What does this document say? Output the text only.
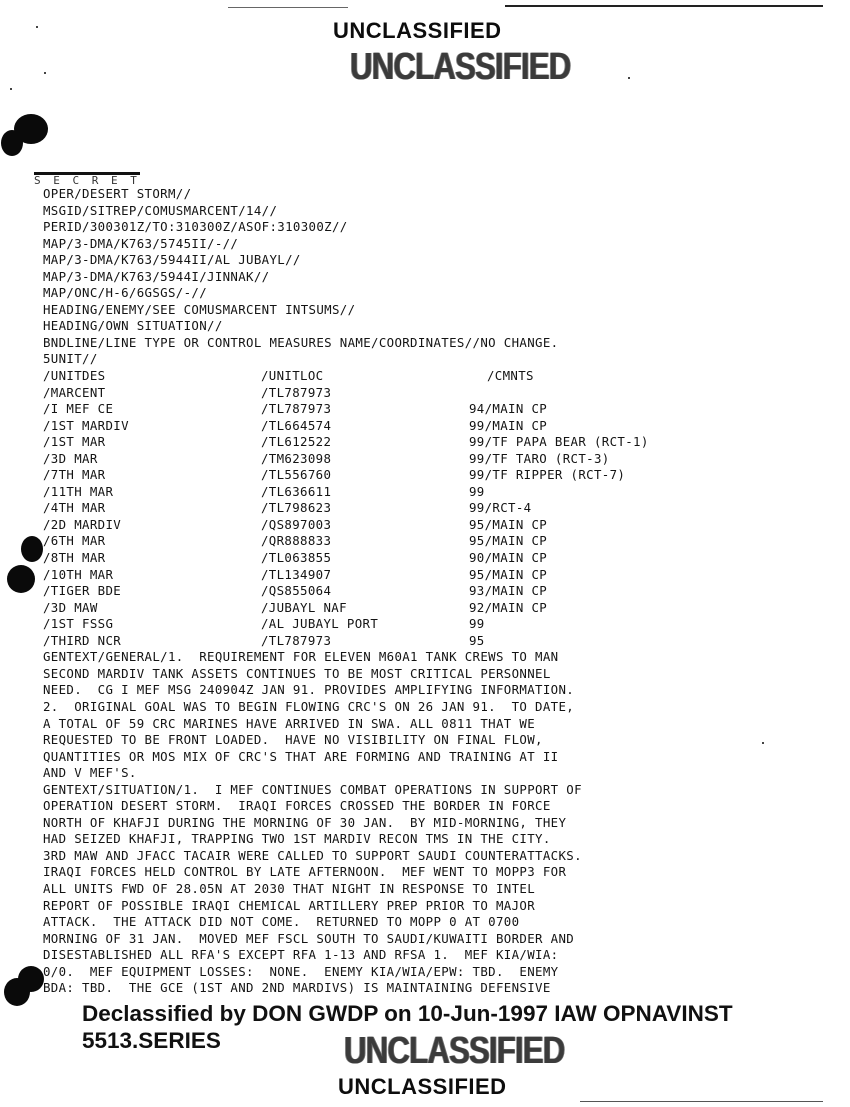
UNCLASSIFIED
UNCLASSIFIED
S E C R E T
OPER/DESERT STORM//
MSGID/SITREP/COMUSMARCENT/14//
PERID/300301Z/TO:310300Z/ASOF:310300Z//
MAP/3-DMA/K763/5745II/-//
MAP/3-DMA/K763/5944II/AL JUBAYL//
MAP/3-DMA/K763/5944I/JINNAK//
MAP/ONC/H-6/6GSGS/-//
HEADING/ENEMY/SEE COMUSMARCENT INTSUMS//
HEADING/OWN SITUATION//
BNDLINE/LINE TYPE OR CONTROL MEASURES NAME/COORDINATES//NO CHANGE.
5UNIT//
/UNITDES	/UNITLOC	/CMNTS
/MARCENT	/TL787973
/I MEF CE	/TL787973	94/MAIN CP
/1ST MARDIV	/TL664574	99/MAIN CP
/1ST MAR	/TL612522	99/TF PAPA BEAR (RCT-1)
/3D MAR	/TM623098	99/TF TARO (RCT-3)
/7TH MAR	/TL556760	99/TF RIPPER (RCT-7)
/11TH MAR	/TL636611	99
/4TH MAR	/TL798623	99/RCT-4
/2D MARDIV	/QS897003	95/MAIN CP
/6TH MAR	/QR888833	95/MAIN CP
/8TH MAR	/TL063855	90/MAIN CP
/10TH MAR	/TL134907	95/MAIN CP
/TIGER BDE	/QS855064	93/MAIN CP
/3D MAW	/JUBAYL NAF	92/MAIN CP
/1ST FSSG	/AL JUBAYL PORT	99
/THIRD NCR	/TL787973	95
GENTEXT/GENERAL/1.  REQUIREMENT FOR ELEVEN M60A1 TANK CREWS TO MAN
SECOND MARDIV TANK ASSETS CONTINUES TO BE MOST CRITICAL PERSONNEL
NEED.  CG I MEF MSG 240904Z JAN 91. PROVIDES AMPLIFYING INFORMATION.
2.  ORIGINAL GOAL WAS TO BEGIN FLOWING CRC'S ON 26 JAN 91.  TO DATE,
A TOTAL OF 59 CRC MARINES HAVE ARRIVED IN SWA. ALL 0811 THAT WE
REQUESTED TO BE FRONT LOADED.  HAVE NO VISIBILITY ON FINAL FLOW,
QUANTITIES OR MOS MIX OF CRC'S THAT ARE FORMING AND TRAINING AT II
AND V MEF'S.
GENTEXT/SITUATION/1.  I MEF CONTINUES COMBAT OPERATIONS IN SUPPORT OF
OPERATION DESERT STORM.  IRAQI FORCES CROSSED THE BORDER IN FORCE
NORTH OF KHAFJI DURING THE MORNING OF 30 JAN.  BY MID-MORNING, THEY
HAD SEIZED KHAFJI, TRAPPING TWO 1ST MARDIV RECON TMS IN THE CITY.
3RD MAW AND JFACC TACAIR WERE CALLED TO SUPPORT SAUDI COUNTERATTACKS.
IRAQI FORCES HELD CONTROL BY LATE AFTERNOON.  MEF WENT TO MOPP3 FOR
ALL UNITS FWD OF 28.05N AT 2030 THAT NIGHT IN RESPONSE TO INTEL
REPORT OF POSSIBLE IRAQI CHEMICAL ARTILLERY PREP PRIOR TO MAJOR
ATTACK.  THE ATTACK DID NOT COME.  RETURNED TO MOPP 0 AT 0700
MORNING OF 31 JAN.  MOVED MEF FSCL SOUTH TO SAUDI/KUWAITI BORDER AND
DISESTABLISHED ALL RFA'S EXCEPT RFA 1-13 AND RFSA 1.  MEF KIA/WIA:
0/0.  MEF EQUIPMENT LOSSES:  NONE.  ENEMY KIA/WIA/EPW: TBD.  ENEMY
BDA: TBD.  THE GCE (1ST AND 2ND MARDIVS) IS MAINTAINING DEFENSIVE
Declassified by DON GWDP on 10-Jun-1997 IAW OPNAVINST
5513.SERIES	UNCLASSIFIED
UNCLASSIFIED
